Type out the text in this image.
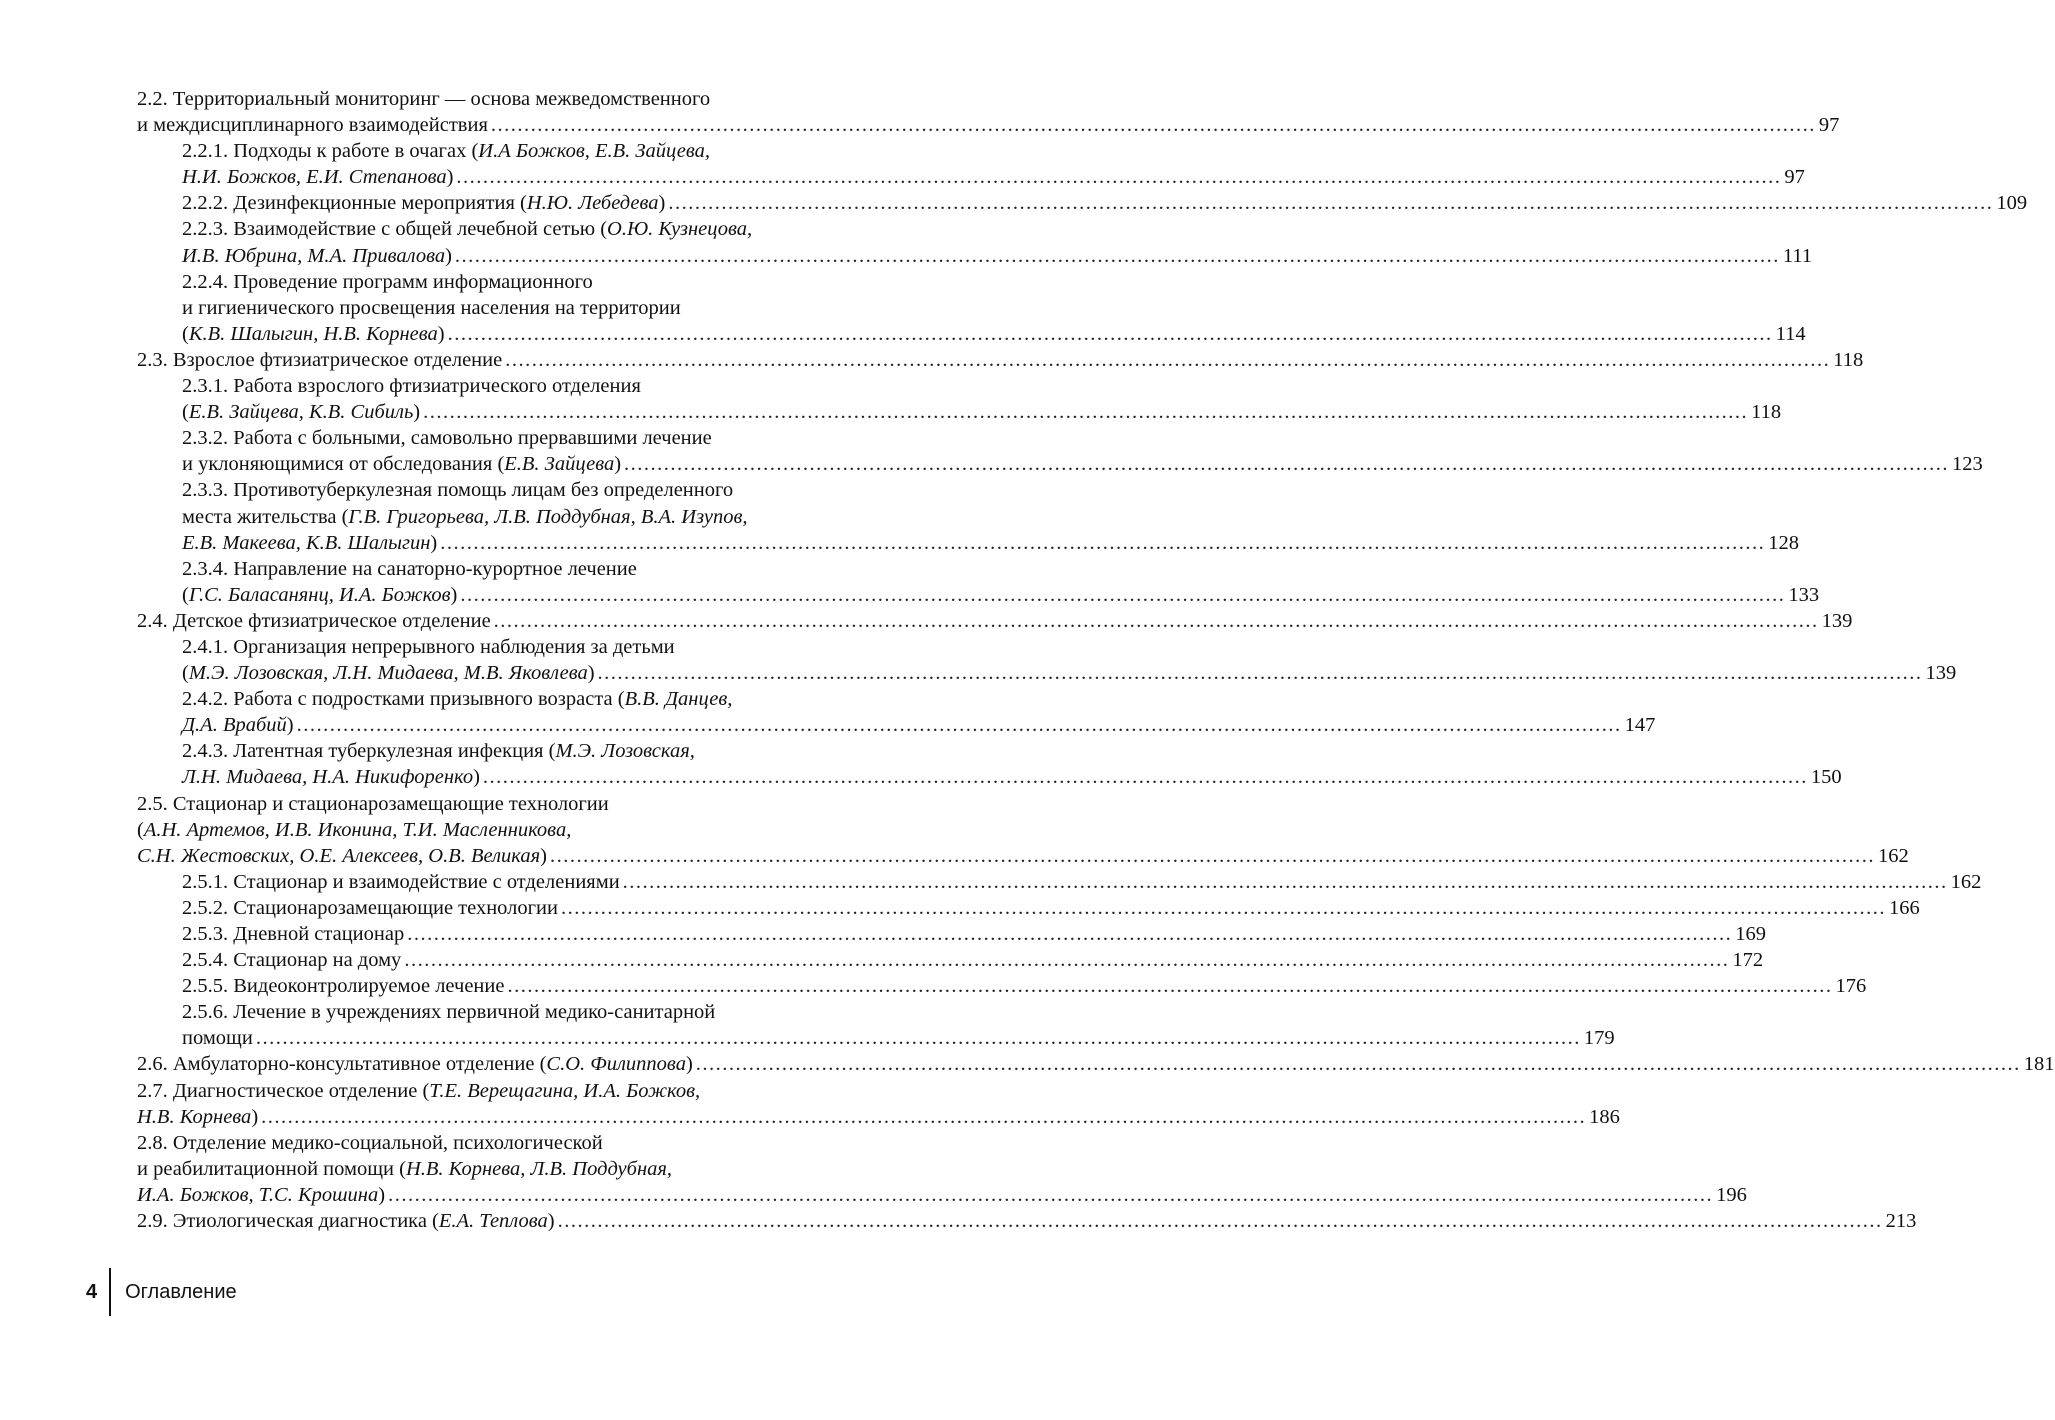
2.2. Территориальный мониторинг — основа межведомственного
и междисциплинарного взаимодействия ........................................................................................................................................................................................................ 97
2.2.1. Подходы к работе в очагах (И.А Божков, Е.В. Зайцева,
Н.И. Божков, Е.И. Степанова) ........................................................................................................................................................................................................ 97
2.2.2. Дезинфекционные мероприятия (Н.Ю. Лебедева) ........................................................................................................................................................................................................ 109
2.2.3. Взаимодействие с общей лечебной сетью (О.Ю. Кузнецова,
И.В. Юбрина, М.А. Привалова) ........................................................................................................................................................................................................ 111
2.2.4. Проведение программ информационного
и гигиенического просвещения населения на территории
(К.В. Шалыгин, Н.В. Корнева) ........................................................................................................................................................................................................ 114
2.3. Взрослое фтизиатрическое отделение ........................................................................................................................................................................................................ 118
2.3.1. Работа взрослого фтизиатрического отделения
(Е.В. Зайцева, К.В. Сибиль) ........................................................................................................................................................................................................ 118
2.3.2. Работа с больными, самовольно прервавшими лечение
и уклоняющимися от обследования (Е.В. Зайцева) ........................................................................................................................................................................................................ 123
2.3.3. Противотуберкулезная помощь лицам без определенного
места жительства (Г.В. Григорьева, Л.В. Поддубная, В.А. Изупов,
Е.В. Макеева, К.В. Шалыгин) ........................................................................................................................................................................................................ 128
2.3.4. Направление на санаторно-курортное лечение
(Г.С. Баласанянц, И.А. Божков) ........................................................................................................................................................................................................ 133
2.4. Детское фтизиатрическое отделение ........................................................................................................................................................................................................ 139
2.4.1. Организация непрерывного наблюдения за детьми
(М.Э. Лозовская, Л.Н. Мидаева, М.В. Яковлева) ........................................................................................................................................................................................................ 139
2.4.2. Работа с подростками призывного возраста (В.В. Данцев,
Д.А. Врабий) ........................................................................................................................................................................................................ 147
2.4.3. Латентная туберкулезная инфекция (М.Э. Лозовская,
Л.Н. Мидаева, Н.А. Никифоренко) ........................................................................................................................................................................................................ 150
2.5. Стационар и стационарозамещающие технологии
(А.Н. Артемов, И.В. Иконина, Т.И. Масленникова,
С.Н. Жестовских, О.Е. Алексеев, О.В. Великая) ........................................................................................................................................................................................................ 162
2.5.1. Стационар и взаимодействие с отделениями ........................................................................................................................................................................................................ 162
2.5.2. Стационарозамещающие технологии ........................................................................................................................................................................................................ 166
2.5.3. Дневной стационар ........................................................................................................................................................................................................ 169
2.5.4. Стационар на дому ........................................................................................................................................................................................................ 172
2.5.5. Видеоконтролируемое лечение ........................................................................................................................................................................................................ 176
2.5.6. Лечение в учреждениях первичной медико-санитарной
помощи ........................................................................................................................................................................................................ 179
2.6. Амбулаторно-консультативное отделение (С.О. Филиппова) ........................................................................................................................................................................................................ 181
2.7. Диагностическое отделение (Т.Е. Верещагина, И.А. Божков,
Н.В. Корнева) ........................................................................................................................................................................................................ 186
2.8. Отделение медико-социальной, психологической
и реабилитационной помощи (Н.В. Корнева, Л.В. Поддубная,
И.А. Божков, Т.С. Крошина) ........................................................................................................................................................................................................ 196
2.9. Этиологическая диагностика (Е.А. Теплова) ........................................................................................................................................................................................................ 213
4 Оглавление
